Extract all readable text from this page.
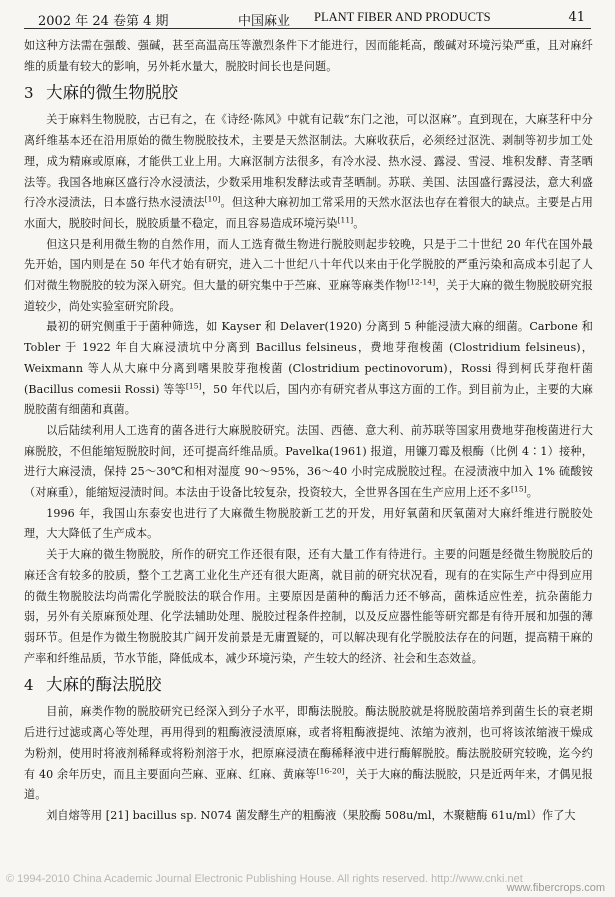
2002 年 24 卷第 4 期	中国麻业 PLANT FIBER AND PRODUCTS	41

如这种方法需在强酸、强碱，甚至高温高压等激烈条件下才能进行，因而能耗高，酸碱对环境污染严重，且对麻纤维的质量有较大的影响，另外耗水量大，脱胶时间长也是问题。

3 大麻的微生物脱胶

关于麻料生物脱胶，古已有之，在《诗经·陈风》中就有记载“东门之池，可以沤麻”。直到现在，大麻茎秆中分离纤维基本还在沿用原始的微生物脱胶技术，主要是天然沤制法。大麻收获后，必须经过沤洗、剥制等初步加工处理，成为精麻或原麻，才能供工业上用。大麻沤制方法很多，有冷水浸、热水浸、露浸、雪浸、堆积发酵、青茎晒法等。我国各地麻区盛行冷水浸渍法，少数采用堆积发酵法或青茎晒制。苏联、美国、法国盛行露浸法，意大利盛行冷水浸渍法，日本盛行热水浸渍法[10]。但这种大麻初加工常采用的天然水沤法也存在着很大的缺点。主要是占用水面大，脱胶时间长，脱胶质量不稳定，而且容易造成环境污染[11]。

但这只是利用微生物的自然作用，而人工选育微生物进行脱胶则起步较晚，只是于二十世纪 20 年代在国外最先开始，国内则是在 50 年代才始有研究，进入二十世纪八十年代以来由于化学脱胶的严重污染和高成本引起了人们对微生物脱胶的较为深入研究。但大量的研究集中于苎麻、亚麻等麻类作物[12-14]，关于大麻的微生物脱胶研究报道较少，尚处实验室研究阶段。

最初的研究侧重于于菌种筛选，如 Kayser 和 Delaver(1920) 分离到 5 种能浸渍大麻的细菌。Carbone 和 Tobler 于 1922 年自大麻浸渍坑中分离到 Bacillus felsineus，费地芽孢梭菌 (Clostridium felsineus)，Weixmann 等人从大麻中分离到嗜果胶芽孢梭菌 (Clostridium pectinovorum)，Rossi 得到柯氏芽孢杆菌 (Bacillus comesii Rossi) 等等[15]，50 年代以后，国内亦有研究者从事这方面的工作。到目前为止，主要的大麻脱胶菌有细菌和真菌。

以后陆续利用人工选育的菌各进行大麻脱胶研究。法国、西德、意大利、前苏联等国家用费地芽孢梭菌进行大麻脱胶，不但能缩短脱胶时间，还可提高纤维品质。Pavelka(1961) 报道，用镰刀霉及根酶（比例 4∶1）接种，进行大麻浸渍，保持 25～30℃和相对湿度 90～95%，36～40 小时完成脱胶过程。在浸渍液中加入 1% 硫酸铵（对麻重），能缩短浸渍时间。本法由于设备比较复杂，投资较大，全世界各国在生产应用上还不多[15]。

1996 年，我国山东泰安也进行了大麻微生物脱胶新工艺的开发，用好氧菌和厌氧菌对大麻纤维进行脱胶处理，大大降低了生产成本。

关于大麻的微生物脱胶，所作的研究工作还很有限，还有大量工作有待进行。主要的问题是经微生物脱胶后的麻还含有较多的胶质，整个工艺离工业化生产还有很大距离，就目前的研究状况看，现有的在实际生产中得到应用的微生物脱胶法均尚需化学脱胶法的联合作用。主要原因是菌种的酶活力还不够高，菌株适应性差，抗杂菌能力弱，另外有关原麻预处理、化学法辅助处理、脱胶过程条件控制，以及反应器性能等研究都是有待开展和加强的薄弱环节。但是作为微生物脱胶其广阔开发前景是无庸置疑的，可以解决现有化学脱胶法存在的问题，提高精干麻的产率和纤维品质，节水节能，降低成本，减少环境污染，产生较大的经济、社会和生态效益。

4 大麻的酶法脱胶

目前，麻类作物的脱胶研究已经深入到分子水平，即酶法脱胶。酶法脱胶就是将脱胶菌培养到菌生长的衰老期后进行过滤或离心等处理，再用得到的粗酶液浸渍原麻，或者将粗酶液提纯、浓缩为液剂，也可将该浓缩液干燥成为粉剂，使用时将液剂稀释或将粉剂溶于水，把原麻浸渍在酶稀释液中进行酶解脱胶。酶法脱胶研究较晚，迄今约有 40 余年历史，而且主要面向苎麻、亚麻、红麻、黄麻等[16-20]，关于大麻的酶法脱胶，只是近两年来，才偶见报道。

刘自熔等用 [21] bacillus sp. N074 菌发酵生产的粗酶液（果胶酶 508u/ml，木聚糖酶 61u/ml）作了大

© 1994-2010 China Academic Journal Electronic Publishing House. All rights reserved. http://www.cnki.net
www.fibercrops.com
